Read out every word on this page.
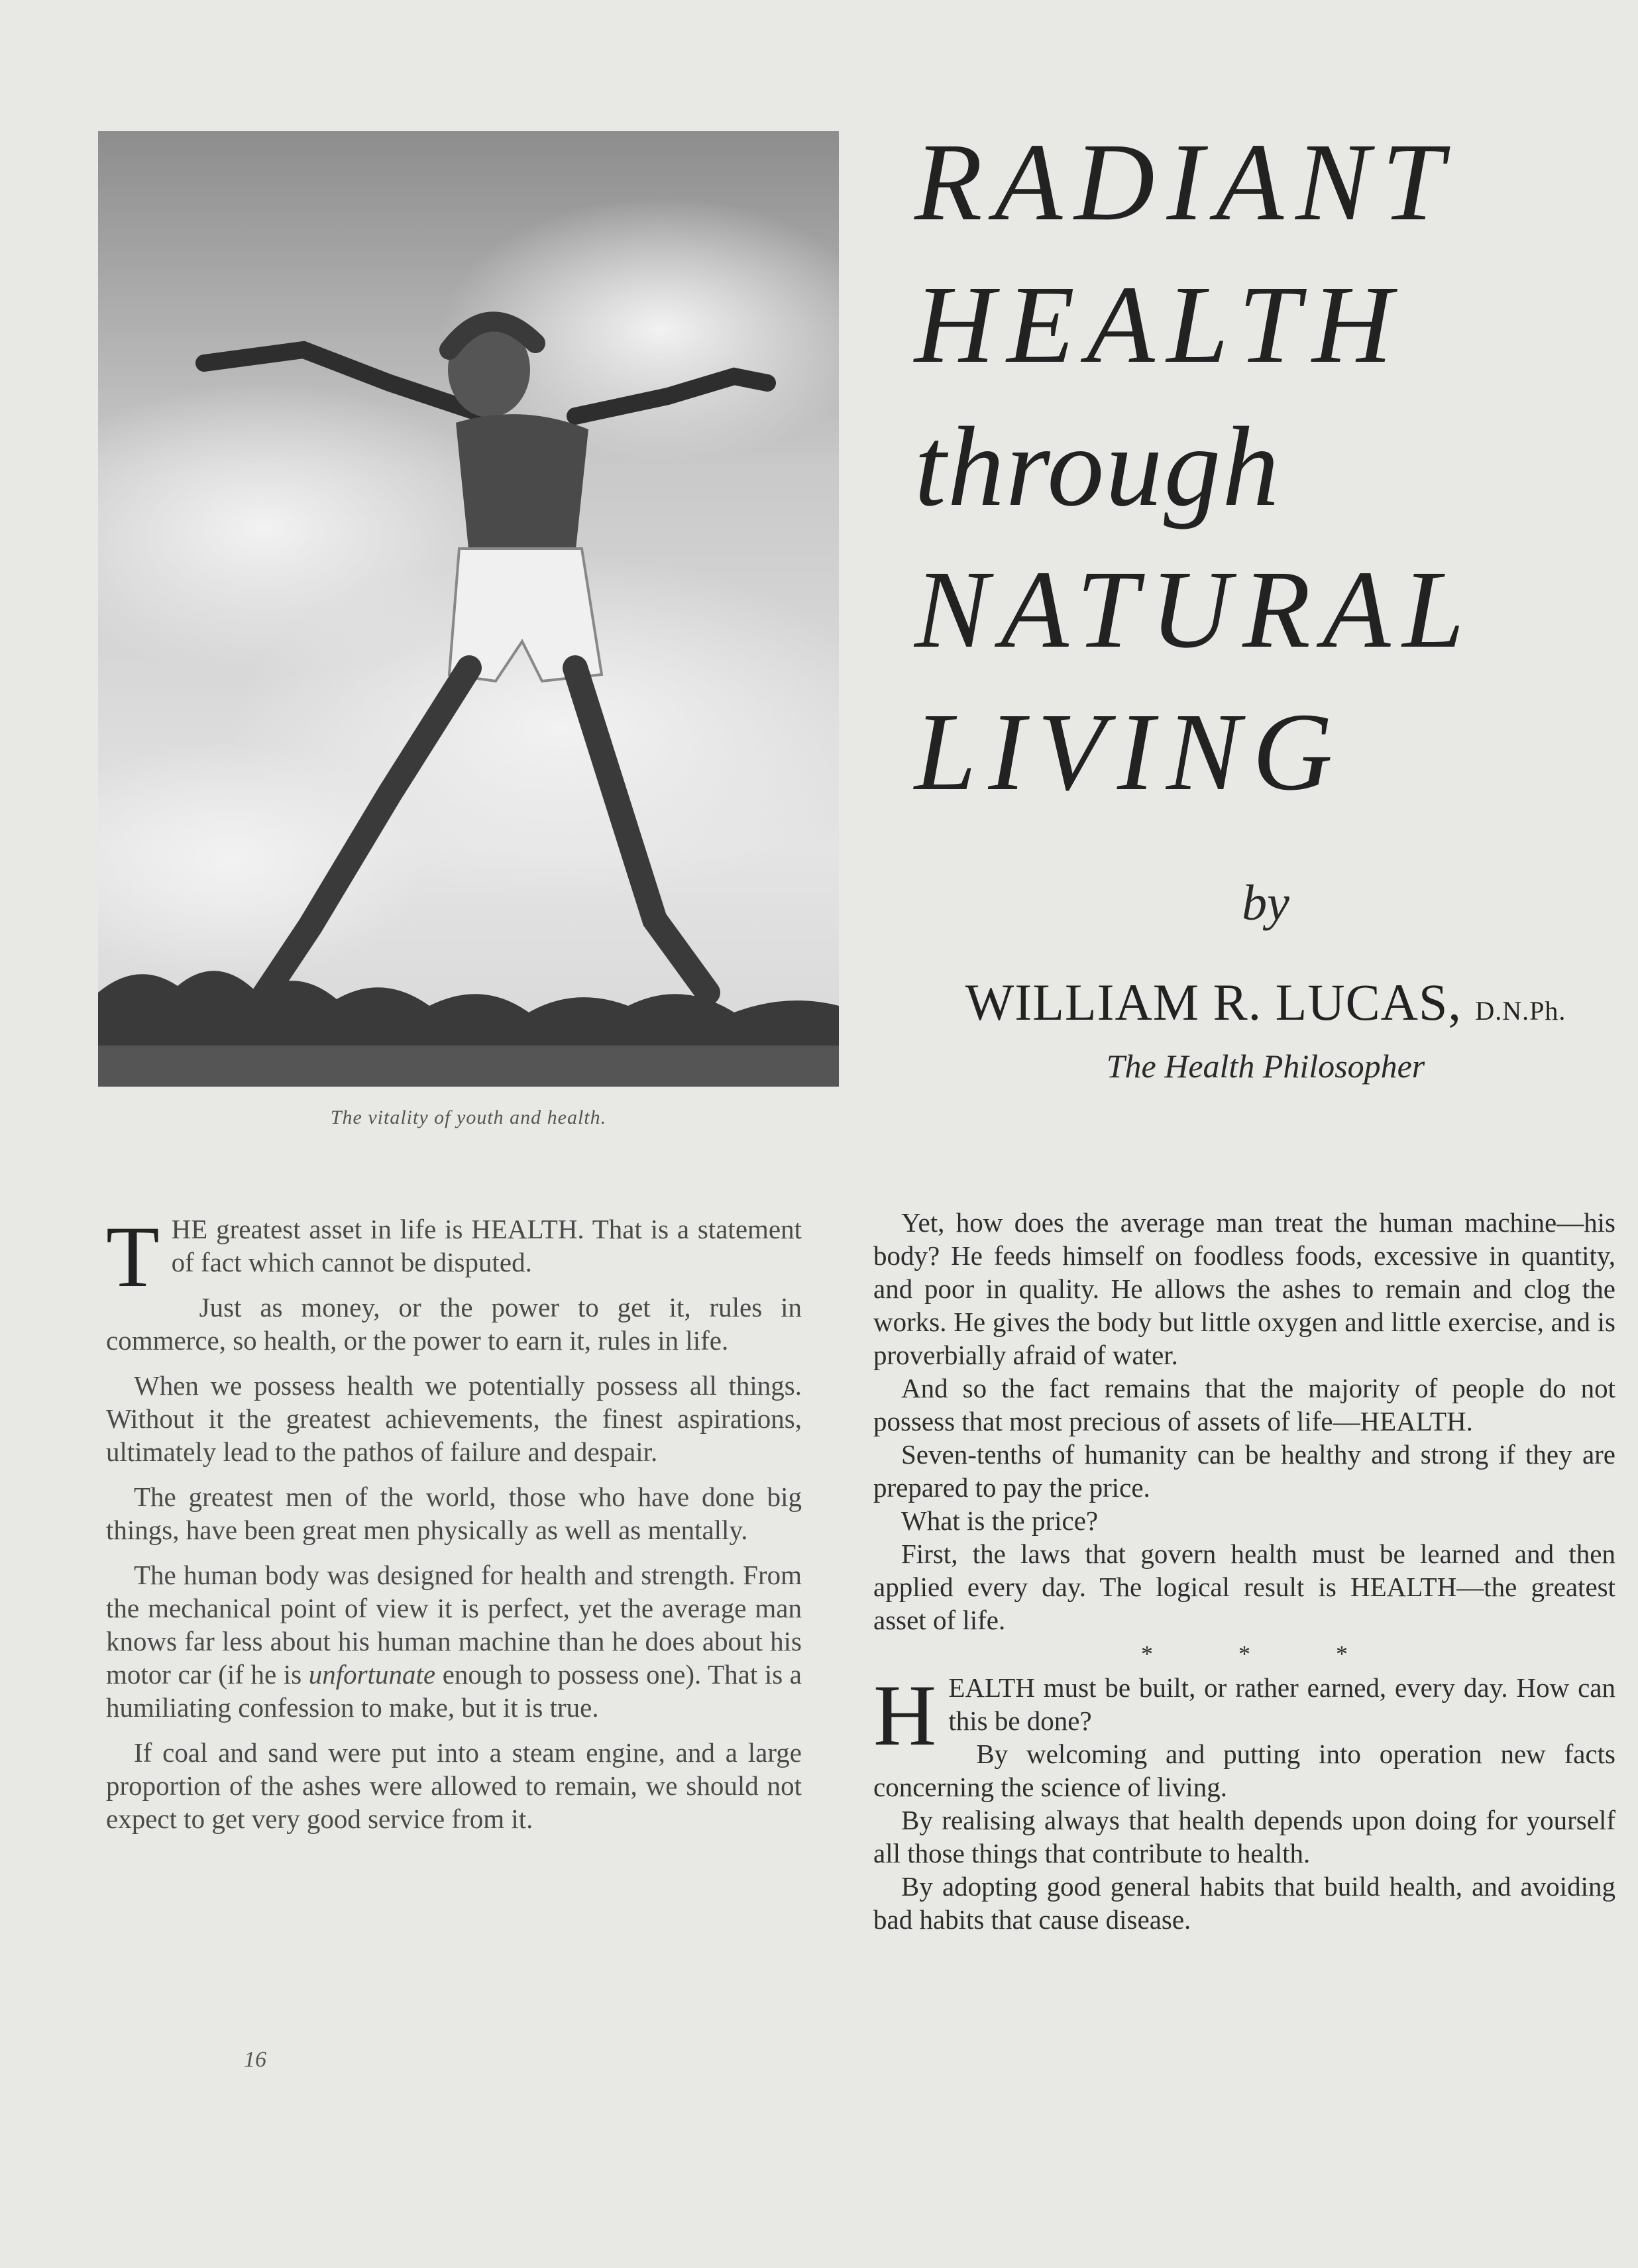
The vitality of youth and health.
RADIANT
HEALTH
through
NATURAL
LIVING
by
WILLIAM R. LUCAS, D.N.Ph.
The Health Philosopher

THE greatest asset in life is HEALTH. That is a statement of fact which cannot be disputed.

Just as money, or the power to get it, rules in commerce, so health, or the power to earn it, rules in life.

When we possess health we potentially possess all things. Without it the greatest achievements, the finest aspirations, ultimately lead to the pathos of failure and despair.

The greatest men of the world, those who have done big things, have been great men physically as well as mentally.

The human body was designed for health and strength. From the mechanical point of view it is perfect, yet the average man knows far less about his human machine than he does about his motor car (if he is unfortunate enough to possess one). That is a humiliating confession to make, but it is true.

If coal and sand were put into a steam engine, and a large proportion of the ashes were allowed to remain, we should not expect to get very good service from it.

Yet, how does the average man treat the human machine—his body? He feeds himself on foodless foods, excessive in quantity, and poor in quality. He allows the ashes to remain and clog the works. He gives the body but little oxygen and little exercise, and is proverbially afraid of water.

And so the fact remains that the majority of people do not possess that most precious of assets of life—HEALTH.

Seven-tenths of humanity can be healthy and strong if they are prepared to pay the price.

What is the price?

First, the laws that govern health must be learned and then applied every day. The logical result is HEALTH—the greatest asset of life.

* * *

HEALTH must be built, or rather earned, every day. How can this be done?

By welcoming and putting into operation new facts concerning the science of living.

By realising always that health depends upon doing for yourself all those things that contribute to health.

By adopting good general habits that build health, and avoiding bad habits that cause disease.

16
